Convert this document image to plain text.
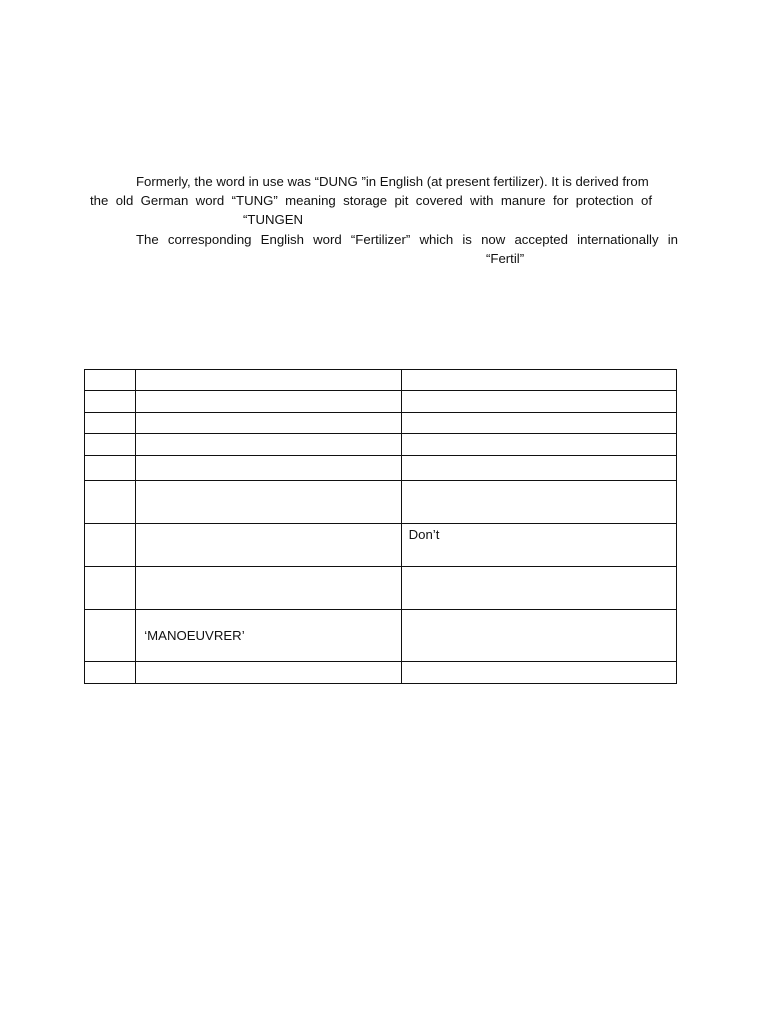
Formerly, the word in use was “DUNG ”in English (at present fertilizer). It is derived from
the old German word “TUNG” meaning storage pit covered with manure for protection of
“TUNGEN
The corresponding English word “Fertilizer” which is now accepted internationally in
“Fertil”

		Don’t

	‘MANOEUVRER’	
